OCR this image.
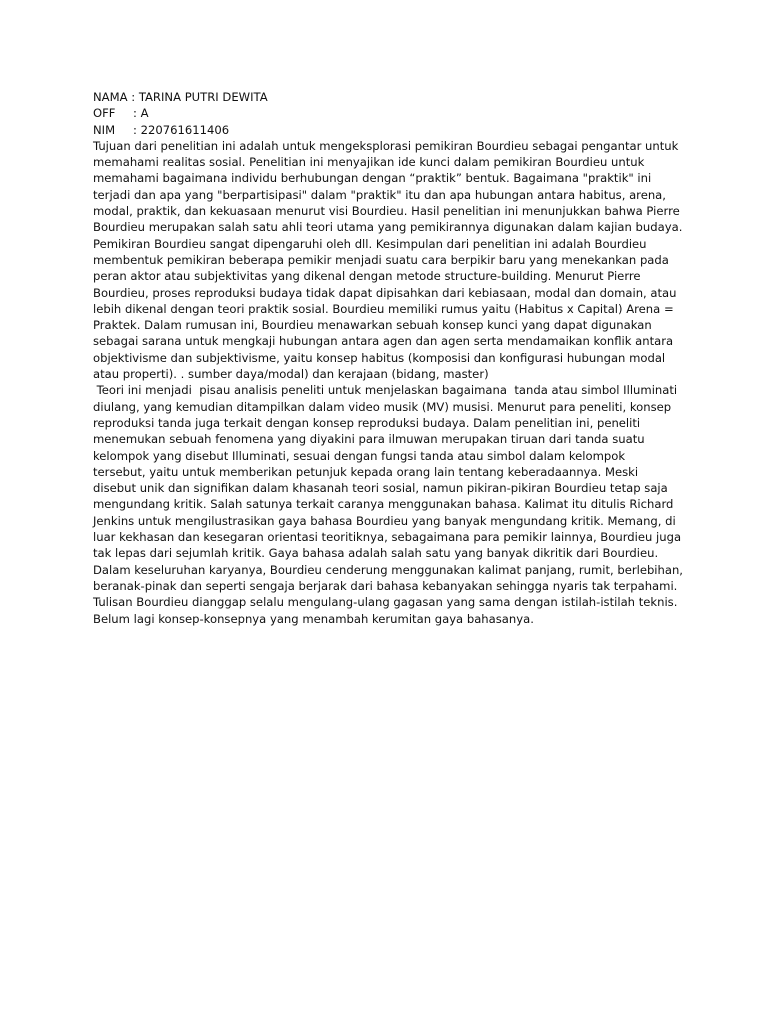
NAMA : TARINA PUTRI DEWITA
OFF : A
NIM : 220761611406
Tujuan dari penelitian ini adalah untuk mengeksplorasi pemikiran Bourdieu sebagai pengantar untuk
memahami realitas sosial. Penelitian ini menyajikan ide kunci dalam pemikiran Bourdieu untuk
memahami bagaimana individu berhubungan dengan “praktik” bentuk. Bagaimana "praktik" ini
terjadi dan apa yang "berpartisipasi" dalam "praktik" itu dan apa hubungan antara habitus, arena,
modal, praktik, dan kekuasaan menurut visi Bourdieu. Hasil penelitian ini menunjukkan bahwa Pierre
Bourdieu merupakan salah satu ahli teori utama yang pemikirannya digunakan dalam kajian budaya.
Pemikiran Bourdieu sangat dipengaruhi oleh dll. Kesimpulan dari penelitian ini adalah Bourdieu
membentuk pemikiran beberapa pemikir menjadi suatu cara berpikir baru yang menekankan pada
peran aktor atau subjektivitas yang dikenal dengan metode structure-building. Menurut Pierre
Bourdieu, proses reproduksi budaya tidak dapat dipisahkan dari kebiasaan, modal dan domain, atau
lebih dikenal dengan teori praktik sosial. Bourdieu memiliki rumus yaitu (Habitus x Capital) Arena =
Praktek. Dalam rumusan ini, Bourdieu menawarkan sebuah konsep kunci yang dapat digunakan
sebagai sarana untuk mengkaji hubungan antara agen dan agen serta mendamaikan konflik antara
objektivisme dan subjektivisme, yaitu konsep habitus (komposisi dan konfigurasi hubungan modal
atau properti). . sumber daya/modal) dan kerajaan (bidang, master)
Teori ini menjadi  pisau analisis peneliti untuk menjelaskan bagaimana  tanda atau simbol Illuminati
diulang, yang kemudian ditampilkan dalam video musik (MV) musisi. Menurut para peneliti, konsep
reproduksi tanda juga terkait dengan konsep reproduksi budaya. Dalam penelitian ini, peneliti
menemukan sebuah fenomena yang diyakini para ilmuwan merupakan tiruan dari tanda suatu
kelompok yang disebut Illuminati, sesuai dengan fungsi tanda atau simbol dalam kelompok
tersebut, yaitu untuk memberikan petunjuk kepada orang lain tentang keberadaannya. Meski
disebut unik dan signifikan dalam khasanah teori sosial, namun pikiran-pikiran Bourdieu tetap saja
mengundang kritik. Salah satunya terkait caranya menggunakan bahasa. Kalimat itu ditulis Richard
Jenkins untuk mengilustrasikan gaya bahasa Bourdieu yang banyak mengundang kritik. Memang, di
luar kekhasan dan kesegaran orientasi teoritiknya, sebagaimana para pemikir lainnya, Bourdieu juga
tak lepas dari sejumlah kritik. Gaya bahasa adalah salah satu yang banyak dikritik dari Bourdieu.
Dalam keseluruhan karyanya, Bourdieu cenderung menggunakan kalimat panjang, rumit, berlebihan,
beranak-pinak dan seperti sengaja berjarak dari bahasa kebanyakan sehingga nyaris tak terpahami.
Tulisan Bourdieu dianggap selalu mengulang-ulang gagasan yang sama dengan istilah-istilah teknis.
Belum lagi konsep-konsepnya yang menambah kerumitan gaya bahasanya.
